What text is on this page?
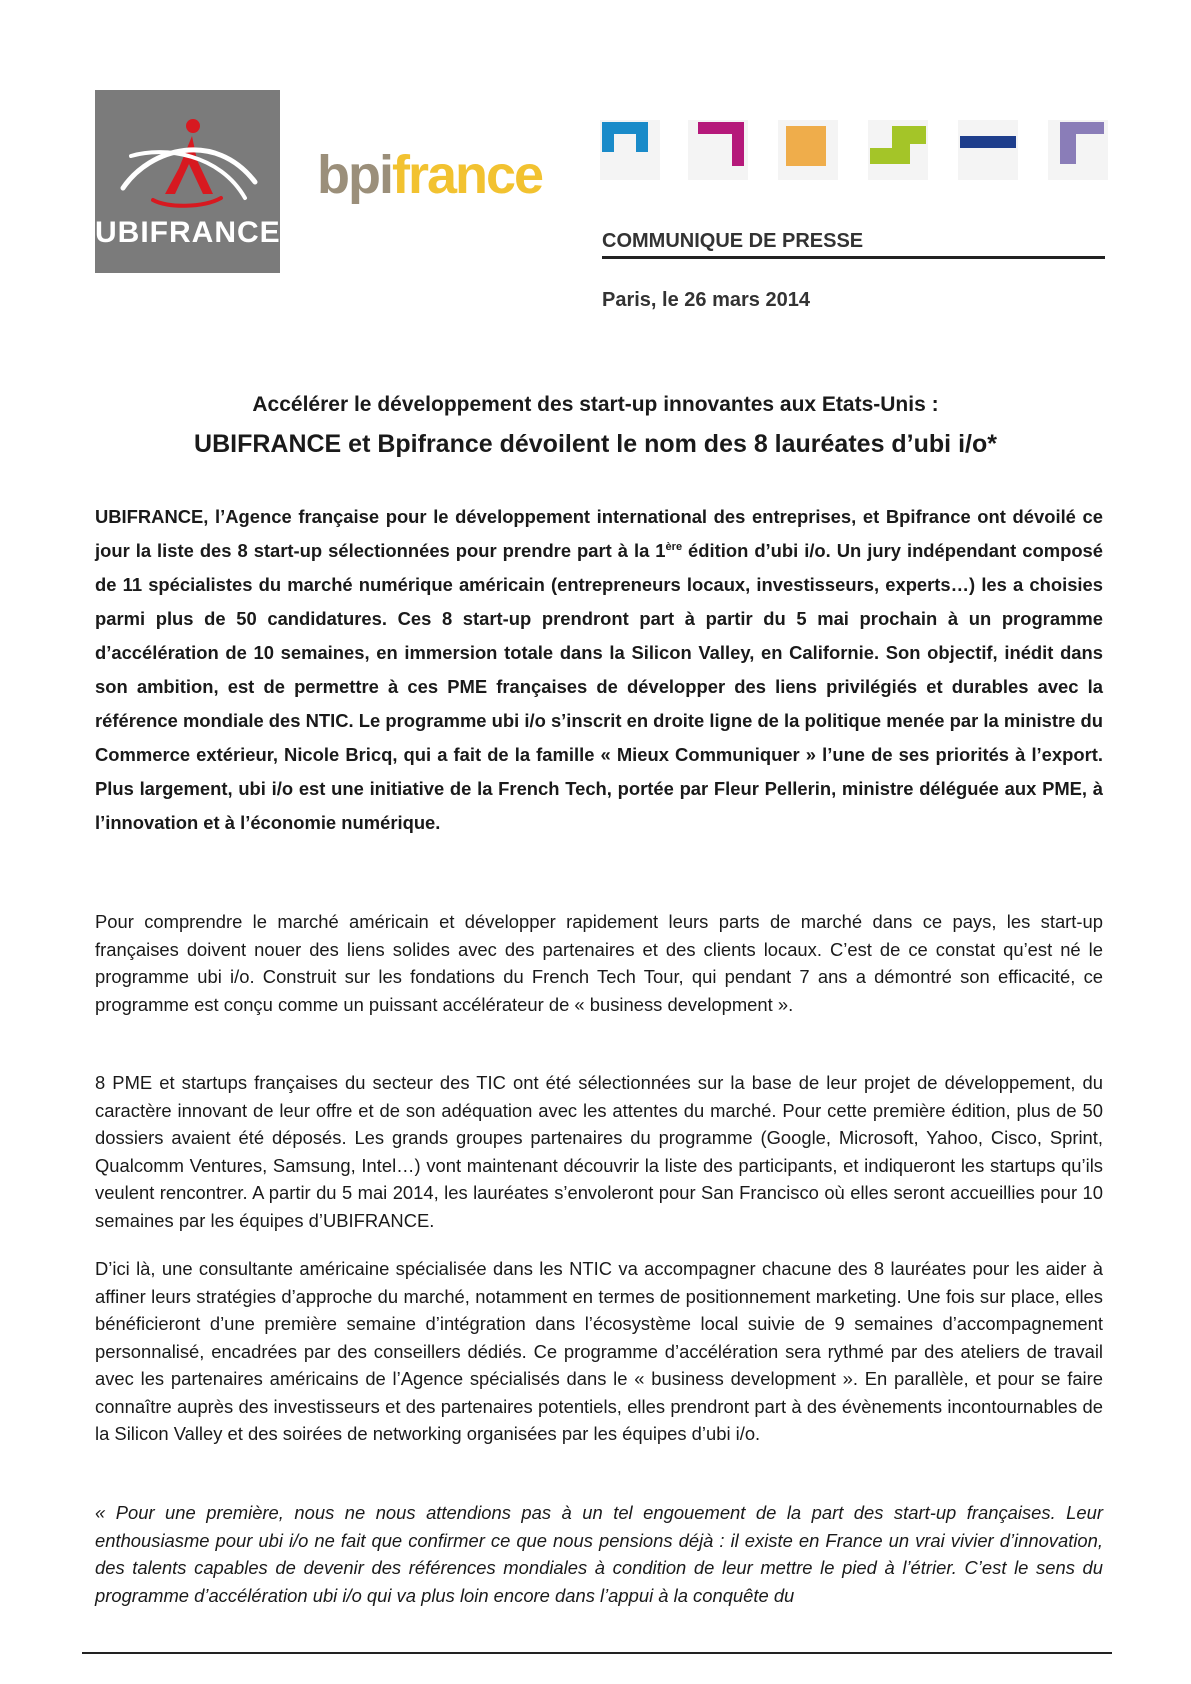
UBIFRANCE
bpifrance
COMMUNIQUE DE PRESSE
Paris, le 26 mars 2014
Accélérer le développement des start-up innovantes aux Etats-Unis :
UBIFRANCE et Bpifrance dévoilent le nom des 8 lauréates d’ubi i/o*

UBIFRANCE, l’Agence française pour le développement international des entreprises, et Bpifrance ont dévoilé ce jour la liste des 8 start-up sélectionnées pour prendre part à la 1ère édition d’ubi i/o. Un jury indépendant composé de 11 spécialistes du marché numérique américain (entrepreneurs locaux, investisseurs, experts…) les a choisies parmi plus de 50 candidatures. Ces 8 start-up prendront part à partir du 5 mai prochain à un programme d’accélération de 10 semaines, en immersion totale dans la Silicon Valley, en Californie. Son objectif, inédit dans son ambition, est de permettre à ces PME françaises de développer des liens privilégiés et durables avec la référence mondiale des NTIC. Le programme ubi i/o s’inscrit en droite ligne de la politique menée par la ministre du Commerce extérieur, Nicole Bricq, qui a fait de la famille « Mieux Communiquer » l’une de ses priorités à l’export. Plus largement, ubi i/o est une initiative de la French Tech, portée par Fleur Pellerin, ministre déléguée aux PME, à l’innovation et à l’économie numérique.

Pour comprendre le marché américain et développer rapidement leurs parts de marché dans ce pays, les start-up françaises doivent nouer des liens solides avec des partenaires et des clients locaux. C’est de ce constat qu’est né le programme ubi i/o. Construit sur les fondations du French Tech Tour, qui pendant 7 ans a démontré son efficacité, ce programme est conçu comme un puissant accélérateur de « business development ».

8 PME et startups françaises du secteur des TIC ont été sélectionnées sur la base de leur projet de développement, du caractère innovant de leur offre et de son adéquation avec les attentes du marché. Pour cette première édition, plus de 50 dossiers avaient été déposés. Les grands groupes partenaires du programme (Google, Microsoft, Yahoo, Cisco, Sprint, Qualcomm Ventures, Samsung, Intel…) vont maintenant découvrir la liste des participants, et indiqueront les startups qu’ils veulent rencontrer. A partir du 5 mai 2014, les lauréates s’envoleront pour San Francisco où elles seront accueillies pour 10 semaines par les équipes d’UBIFRANCE.

D’ici là, une consultante américaine spécialisée dans les NTIC va accompagner chacune des 8 lauréates pour les aider à affiner leurs stratégies d’approche du marché, notamment en termes de positionnement marketing. Une fois sur place, elles bénéficieront d’une première semaine d’intégration dans l’écosystème local suivie de 9 semaines d’accompagnement personnalisé, encadrées par des conseillers dédiés. Ce programme d’accélération sera rythmé par des ateliers de travail avec les partenaires américains de l’Agence spécialisés dans le « business development ». En parallèle, et pour se faire connaître auprès des investisseurs et des partenaires potentiels, elles prendront part à des évènements incontournables de la Silicon Valley et des soirées de networking organisées par les équipes d’ubi i/o.

« Pour une première, nous ne nous attendions pas à un tel engouement de la part des start-up françaises. Leur enthousiasme pour ubi i/o ne fait que confirmer ce que nous pensions déjà : il existe en France un vrai vivier d’innovation, des talents capables de devenir des références mondiales à condition de leur mettre le pied à l’étrier. C’est le sens du programme d’accélération ubi i/o qui va plus loin encore dans l’appui à la conquête du
